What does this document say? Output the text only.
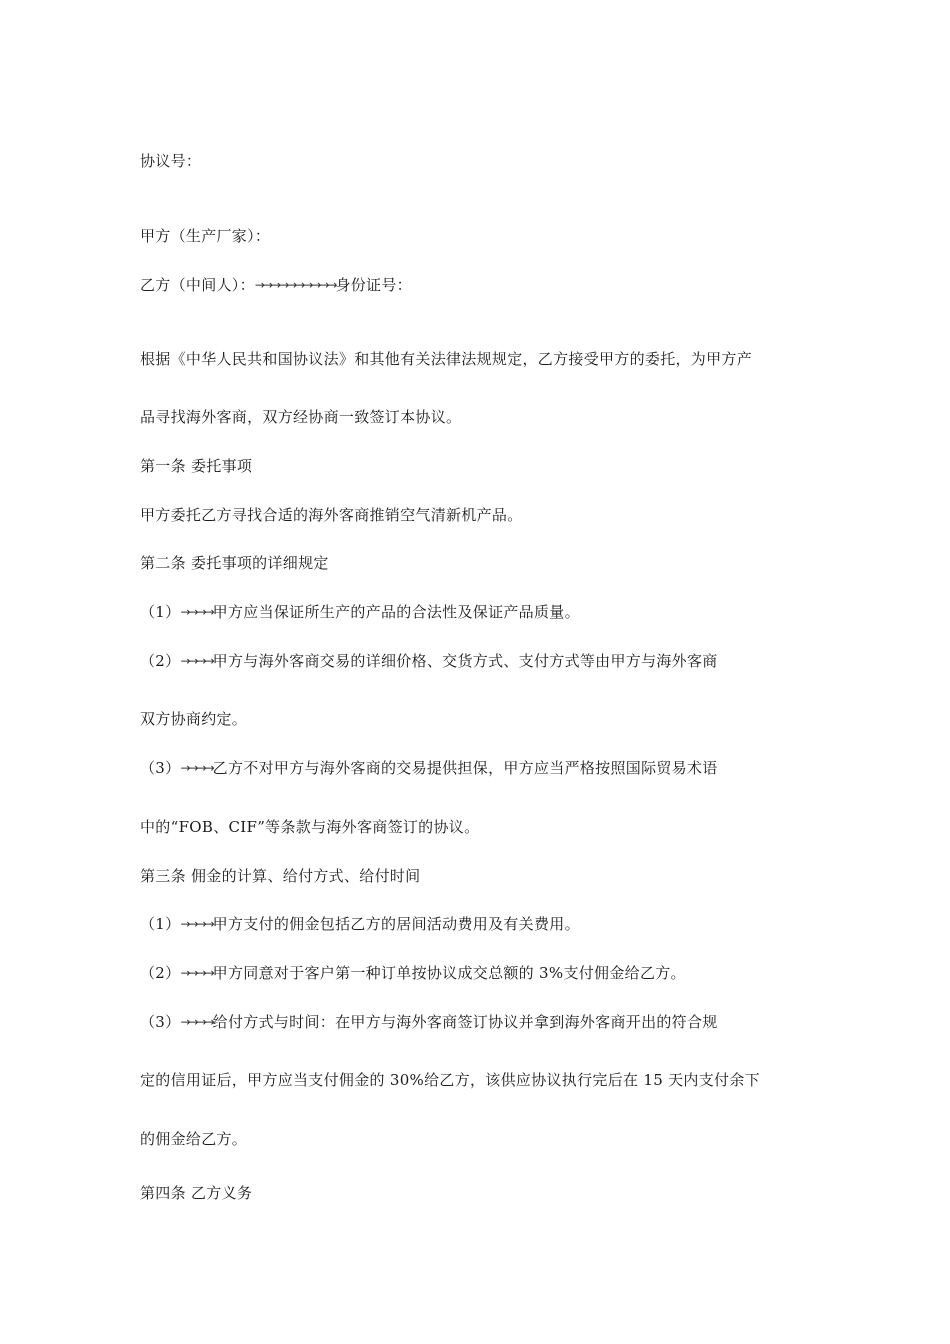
协议号：
甲方（生产厂家）：
乙方（中间人）：→→→→→→→→→→身份证号：
根据《中华人民共和国协议法》和其他有关法律法规规定，乙方接受甲方的委托，为甲方产
品寻找海外客商，双方经协商一致签订本协议。
第一条 委托事项
甲方委托乙方寻找合适的海外客商推销空气清新机产品。
第二条 委托事项的详细规定
（1）→→→→甲方应当保证所生产的产品的合法性及保证产品质量。
（2）→→→→甲方与海外客商交易的详细价格、交货方式、支付方式等由甲方与海外客商
双方协商约定。
（3）→→→→乙方不对甲方与海外客商的交易提供担保，甲方应当严格按照国际贸易术语
中的“FOB、CIF”等条款与海外客商签订的协议。
第三条 佣金的计算、给付方式、给付时间
（1）→→→→甲方支付的佣金包括乙方的居间活动费用及有关费用。
（2）→→→→甲方同意对于客户第一种订单按协议成交总额的 3%支付佣金给乙方。
（3）→→→→给付方式与时间：在甲方与海外客商签订协议并拿到海外客商开出的符合规
定的信用证后，甲方应当支付佣金的 30%给乙方，该供应协议执行完后在 15 天内支付余下
的佣金给乙方。
第四条 乙方义务
